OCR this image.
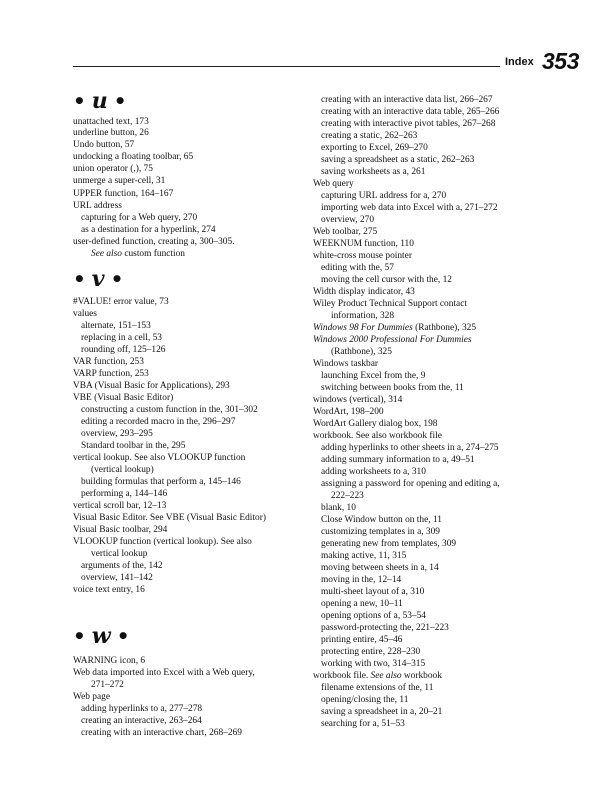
Index 353
• u •
unattached text, 173
underline button, 26
Undo button, 57
undocking a floating toolbar, 65
union operator (,), 75
unmerge a super-cell, 31
UPPER function, 164–167
URL address
capturing for a Web query, 270
as a destination for a hyperlink, 274
user-defined function, creating a, 300–305.
See also custom function
• v •
#VALUE! error value, 73
values
alternate, 151–153
replacing in a cell, 53
rounding off, 125–126
VAR function, 253
VARP function, 253
VBA (Visual Basic for Applications), 293
VBE (Visual Basic Editor)
constructing a custom function in the, 301–302
editing a recorded macro in the, 296–297
overview, 293–295
Standard toolbar in the, 295
vertical lookup. See also VLOOKUP function
(vertical lookup)
building formulas that perform a, 145–146
performing a, 144–146
vertical scroll bar, 12–13
Visual Basic Editor. See VBE (Visual Basic Editor)
Visual Basic toolbar, 294
VLOOKUP function (vertical lookup). See also
vertical lookup
arguments of the, 142
overview, 141–142
voice text entry, 16
• w •
WARNING icon, 6
Web data imported into Excel with a Web query,
271–272
Web page
adding hyperlinks to a, 277–278
creating an interactive, 263–264
creating with an interactive chart, 268–269
creating with an interactive data list, 266–267
creating with an interactive data table, 265–266
creating with interactive pivot tables, 267–268
creating a static, 262–263
exporting to Excel, 269–270
saving a spreadsheet as a static, 262–263
saving worksheets as a, 261
Web query
capturing URL address for a, 270
importing web data into Excel with a, 271–272
overview, 270
Web toolbar, 275
WEEKNUM function, 110
white-cross mouse pointer
editing with the, 57
moving the cell cursor with the, 12
Width display indicator, 43
Wiley Product Technical Support contact
information, 328
Windows 98 For Dummies (Rathbone), 325
Windows 2000 Professional For Dummies
(Rathbone), 325
Windows taskbar
launching Excel from the, 9
switching between books from the, 11
windows (vertical), 314
WordArt, 198–200
WordArt Gallery dialog box, 198
workbook. See also workbook file
adding hyperlinks to other sheets in a, 274–275
adding summary information to a, 49–51
adding worksheets to a, 310
assigning a password for opening and editing a,
222–223
blank, 10
Close Window button on the, 11
customizing templates in a, 309
generating new from templates, 309
making active, 11, 315
moving between sheets in a, 14
moving in the, 12–14
multi-sheet layout of a, 310
opening a new, 10–11
opening options of a, 53–54
password-protecting the, 221–223
printing entire, 45–46
protecting entire, 228–230
working with two, 314–315
workbook file. See also workbook
filename extensions of the, 11
opening/closing the, 11
saving a spreadsheet in a, 20–21
searching for a, 51–53
